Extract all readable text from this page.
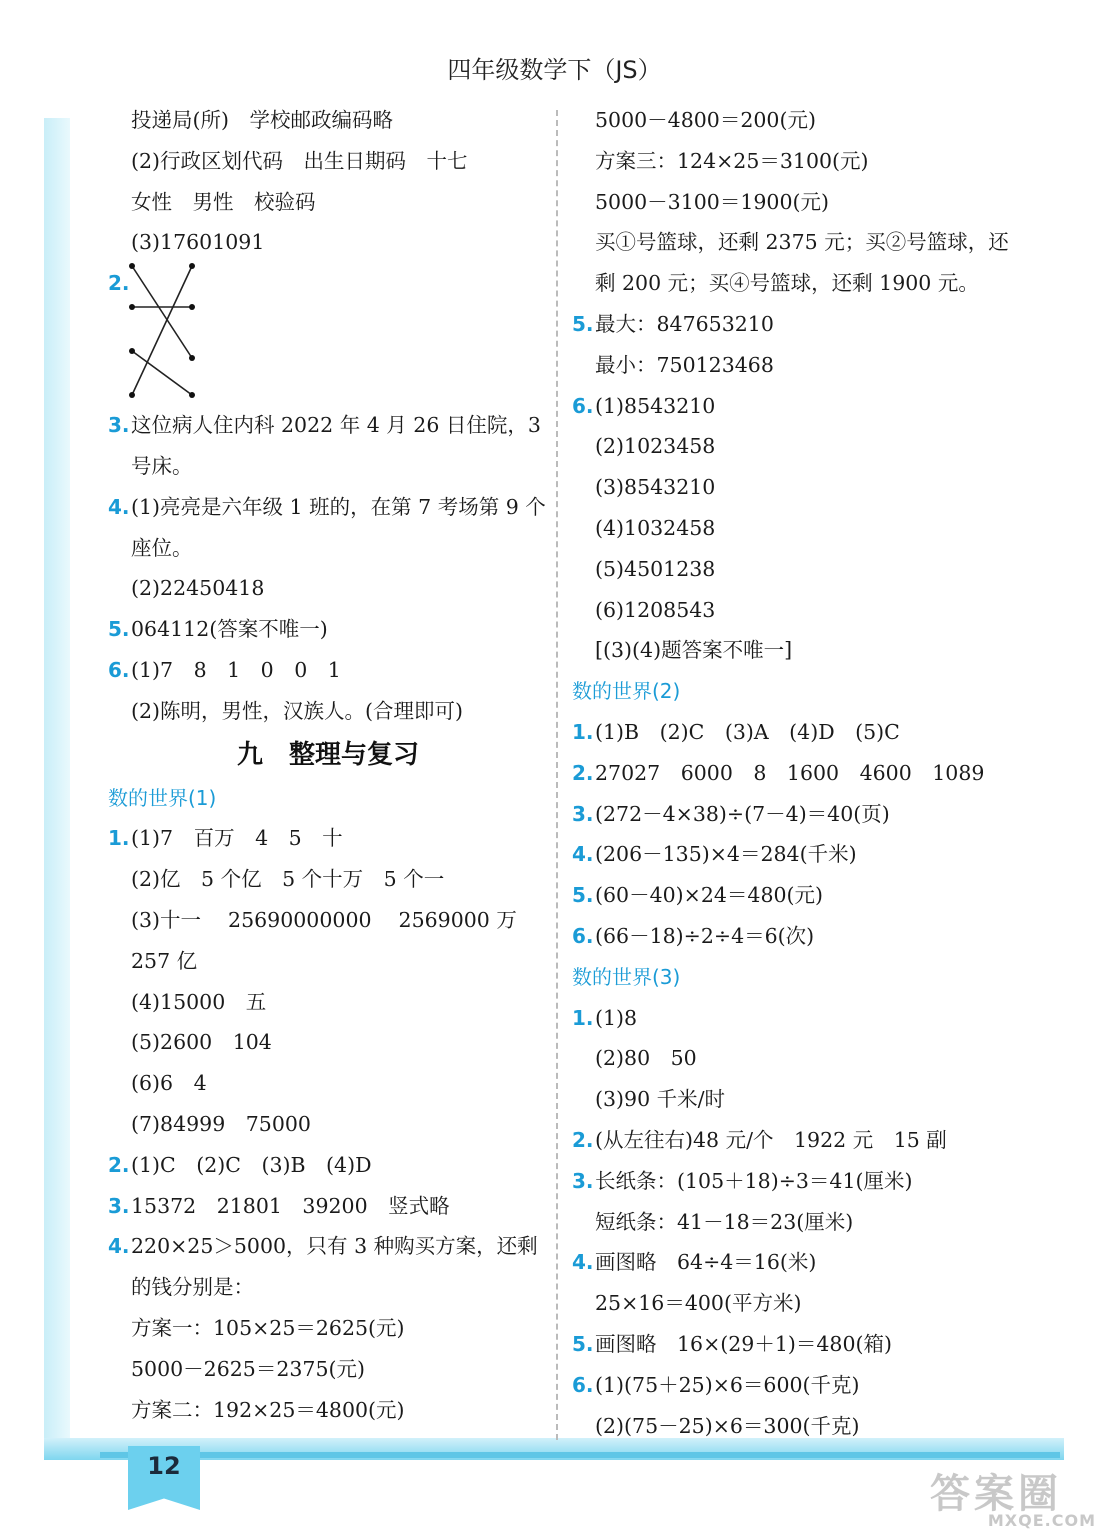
12
四年级数学下（JS）
投递局(所)　学校邮政编码略
(2)行政区划代码　出生日期码　十七
女性　男性　校验码
(3)17601091
2.
3. 这位病人住内科 2022 年 4 月 26 日住院，3
号床。
4. (1)亮亮是六年级 1 班的，在第 7 考场第 9 个
座位。
(2)22450418
5. 064112(答案不唯一)
6. (1)7　8　1　0　0　1
(2)陈明，男性，汉族人。(合理即可)
九　整理与复习
数的世界(1)
1. (1)7　百万　4　5　十
(2)亿　5 个亿　5 个十万　5 个一
(3)十一　 25690000000　 2569000 万
257 亿
(4)15000　五
(5)2600　104
(6)6　4
(7)84999　75000
2. (1)C　(2)C　(3)B　(4)D
3. 15372　21801　39200　竖式略
4. 220×25＞5000，只有 3 种购买方案，还剩
的钱分别是：
方案一：105×25＝2625(元)
5000－2625＝2375(元)
方案二：192×25＝4800(元)
5000－4800＝200(元)
方案三：124×25＝3100(元)
5000－3100＝1900(元)
买①号篮球，还剩 2375 元；买②号篮球，还
剩 200 元；买④号篮球，还剩 1900 元。
5. 最大：847653210
最小：750123468
6. (1)8543210
(2)1023458
(3)8543210
(4)1032458
(5)4501238
(6)1208543
[(3)(4)题答案不唯一]
数的世界(2)
1. (1)B　(2)C　(3)A　(4)D　(5)C
2. 27027　6000　8　1600　4600　1089
3. (272－4×38)÷(7－4)＝40(页)
4. (206－135)×4＝284(千米)
5. (60－40)×24＝480(元)
6. (66－18)÷2÷4＝6(次)
数的世界(3)
1. (1)8
(2)80　50
(3)90 千米/时
2. (从左往右)48 元/个　1922 元　15 副
3. 长纸条：(105＋18)÷3＝41(厘米)
短纸条：41－18＝23(厘米)
4. 画图略　64÷4＝16(米)
25×16＝400(平方米)
5. 画图略　16×(29＋1)＝480(箱)
6. (1)(75＋25)×6＝600(千克)
(2)(75－25)×6＝300(千克)
答案圈
MXQE.COM
